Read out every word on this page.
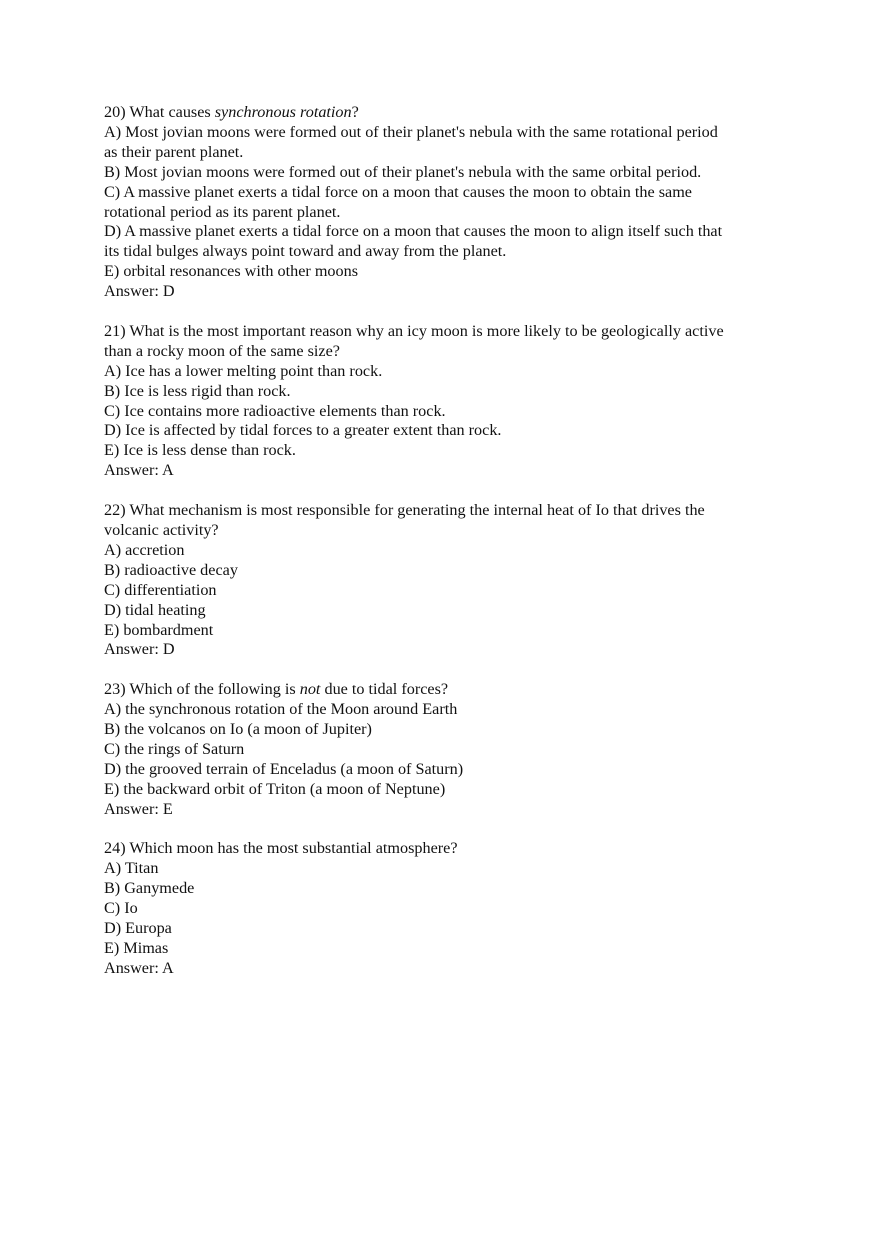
20) What causes synchronous rotation?
A) Most jovian moons were formed out of their planet's nebula with the same rotational period
as their parent planet.
B) Most jovian moons were formed out of their planet's nebula with the same orbital period.
C) A massive planet exerts a tidal force on a moon that causes the moon to obtain the same
rotational period as its parent planet.
D) A massive planet exerts a tidal force on a moon that causes the moon to align itself such that
its tidal bulges always point toward and away from the planet.
E) orbital resonances with other moons
Answer: D
21) What is the most important reason why an icy moon is more likely to be geologically active
than a rocky moon of the same size?
A) Ice has a lower melting point than rock.
B) Ice is less rigid than rock.
C) Ice contains more radioactive elements than rock.
D) Ice is affected by tidal forces to a greater extent than rock.
E) Ice is less dense than rock.
Answer: A
22) What mechanism is most responsible for generating the internal heat of Io that drives the
volcanic activity?
A) accretion
B) radioactive decay
C) differentiation
D) tidal heating
E) bombardment
Answer: D
23) Which of the following is not due to tidal forces?
A) the synchronous rotation of the Moon around Earth
B) the volcanos on Io (a moon of Jupiter)
C) the rings of Saturn
D) the grooved terrain of Enceladus (a moon of Saturn)
E) the backward orbit of Triton (a moon of Neptune)
Answer: E
24) Which moon has the most substantial atmosphere?
A) Titan
B) Ganymede
C) Io
D) Europa
E) Mimas
Answer: A
